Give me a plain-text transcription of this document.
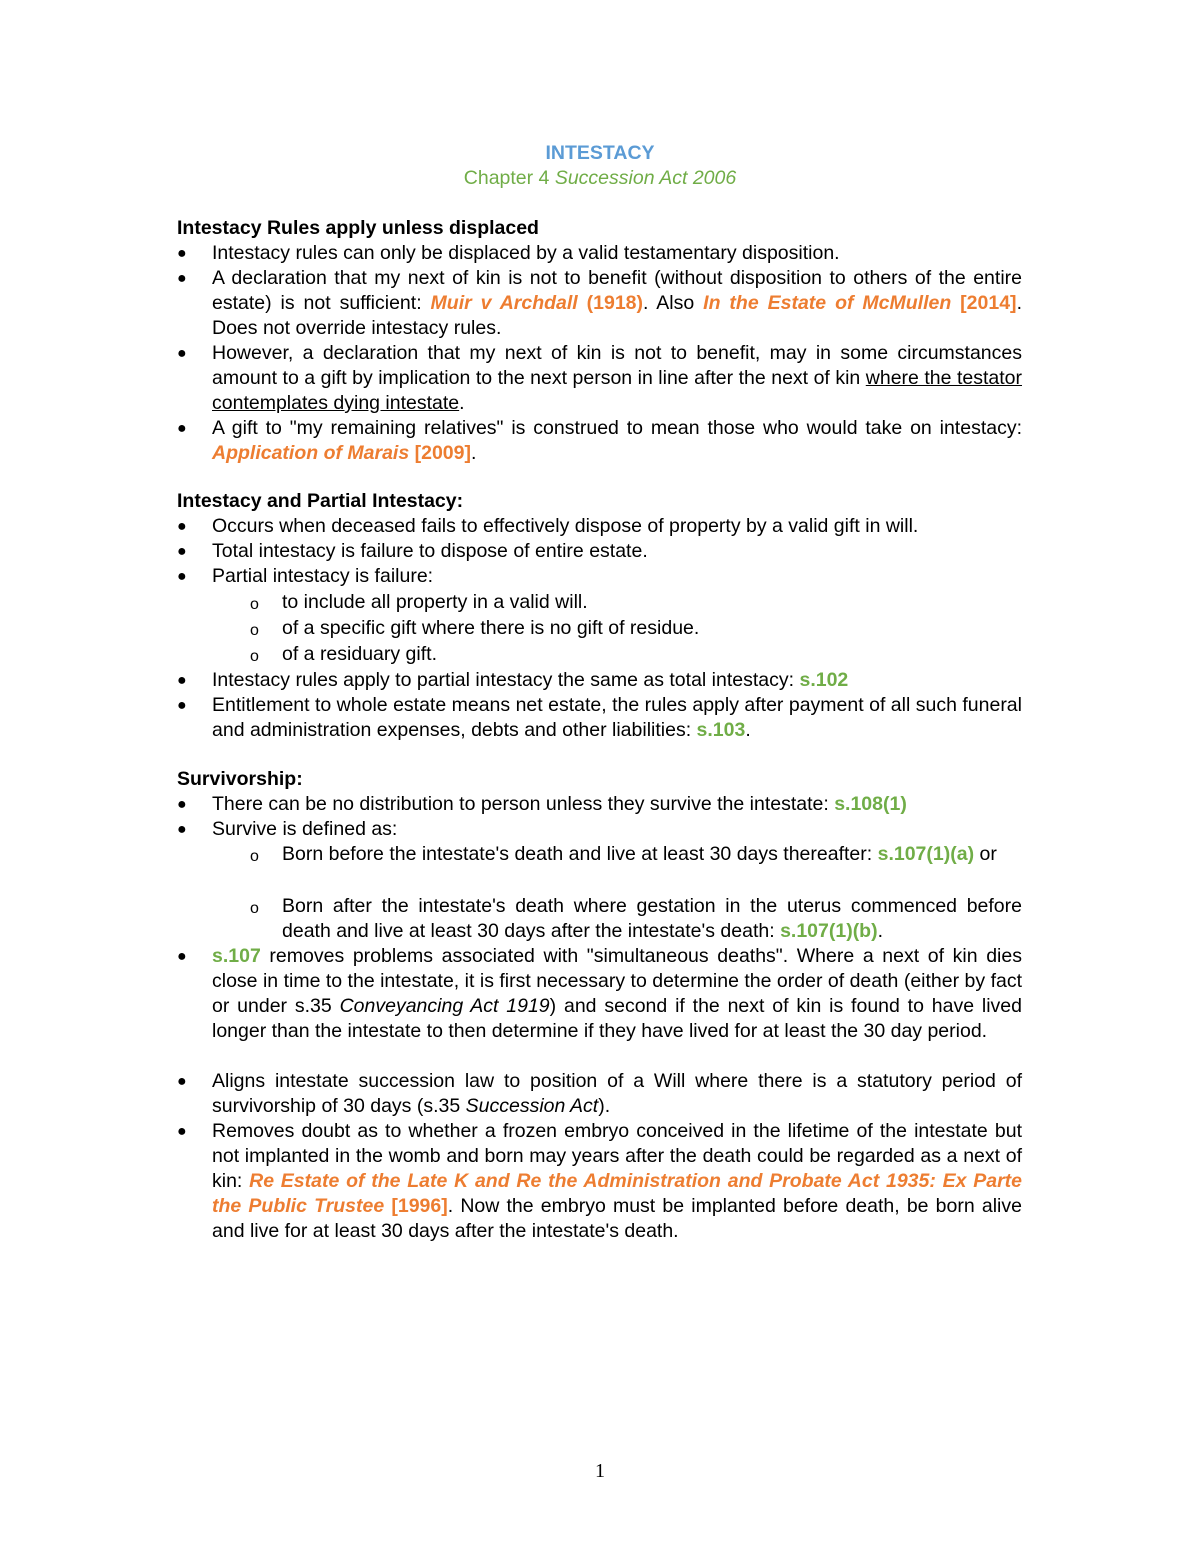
INTESTACY
Chapter 4 Succession Act 2006
Intestacy Rules apply unless displaced
● Intestacy rules can only be displaced by a valid testamentary disposition.
● A declaration that my next of kin is not to benefit (without disposition to others of the entire estate) is not sufficient: Muir v Archdall (1918). Also In the Estate of McMullen [2014]. Does not override intestacy rules.
● However, a declaration that my next of kin is not to benefit, may in some circumstances amount to a gift by implication to the next person in line after the next of kin where the testator contemplates dying intestate.
● A gift to "my remaining relatives" is construed to mean those who would take on intestacy: Application of Marais [2009].
Intestacy and Partial Intestacy:
● Occurs when deceased fails to effectively dispose of property by a valid gift in will.
● Total intestacy is failure to dispose of entire estate.
● Partial intestacy is failure:
o to include all property in a valid will.
o of a specific gift where there is no gift of residue.
o of a residuary gift.
● Intestacy rules apply to partial intestacy the same as total intestacy: s.102
● Entitlement to whole estate means net estate, the rules apply after payment of all such funeral and administration expenses, debts and other liabilities: s.103.
Survivorship:
● There can be no distribution to person unless they survive the intestate: s.108(1)
● Survive is defined as:
o Born before the intestate's death and live at least 30 days thereafter: s.107(1)(a) or
o Born after the intestate's death where gestation in the uterus commenced before death and live at least 30 days after the intestate's death: s.107(1)(b).
● s.107 removes problems associated with "simultaneous deaths". Where a next of kin dies close in time to the intestate, it is first necessary to determine the order of death (either by fact or under s.35 Conveyancing Act 1919) and second if the next of kin is found to have lived longer than the intestate to then determine if they have lived for at least the 30 day period.
● Aligns intestate succession law to position of a Will where there is a statutory period of survivorship of 30 days (s.35 Succession Act).
● Removes doubt as to whether a frozen embryo conceived in the lifetime of the intestate but not implanted in the womb and born may years after the death could be regarded as a next of kin: Re Estate of the Late K and Re the Administration and Probate Act 1935: Ex Parte the Public Trustee [1996]. Now the embryo must be implanted before death, be born alive and live for at least 30 days after the intestate's death.
1
